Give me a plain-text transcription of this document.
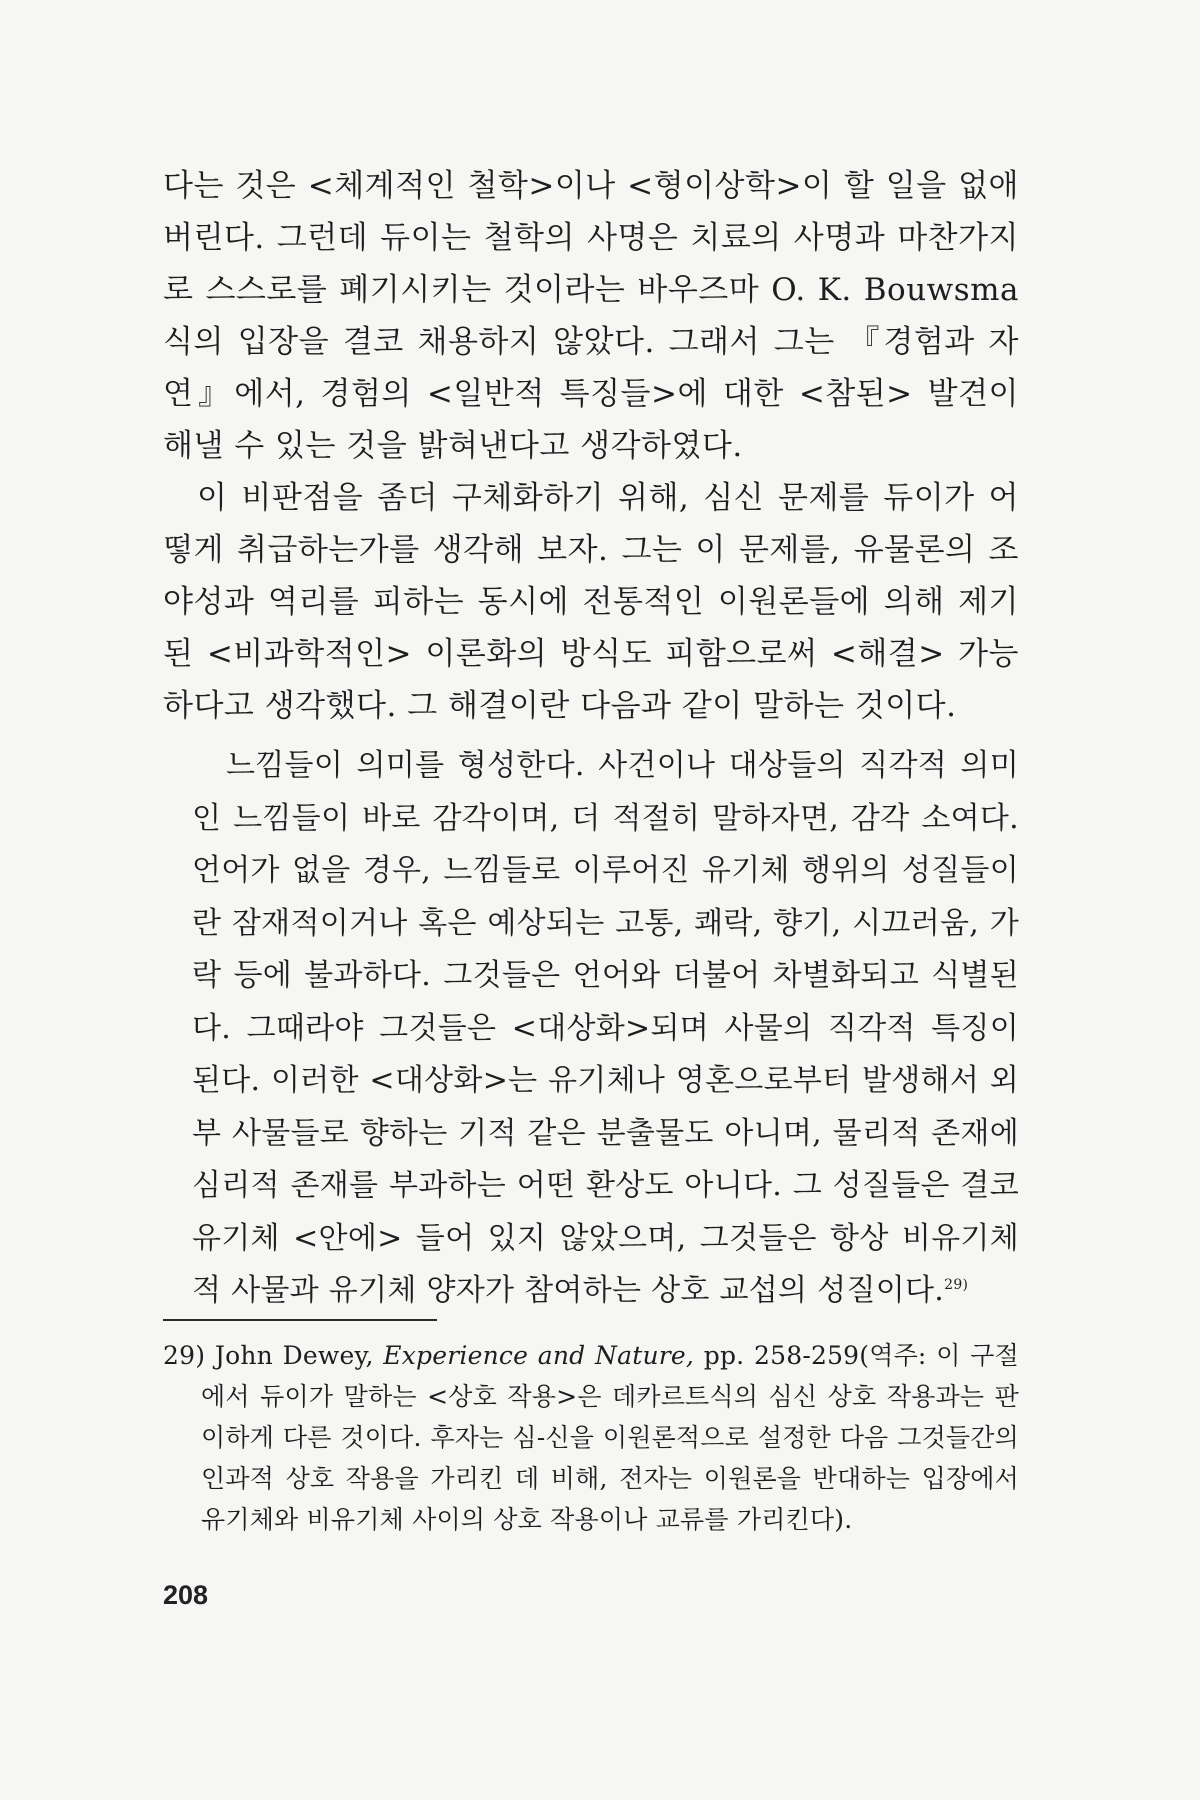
다는 것은 <체계적인 철학>이나 <형이상학>이 할 일을 없애버린다. 그런데 듀이는 철학의 사명은 치료의 사명과 마찬가지로 스스로를 폐기시키는 것이라는 바우즈마 O. K. Bouwsma식의 입장을 결코 채용하지 않았다. 그래서 그는 『경험과 자연』에서, 경험의 <일반적 특징들>에 대한 <참된> 발견이 해낼 수 있는 것을 밝혀낸다고 생각하였다.

이 비판점을 좀더 구체화하기 위해, 심신 문제를 듀이가 어떻게 취급하는가를 생각해 보자. 그는 이 문제를, 유물론의 조야성과 역리를 피하는 동시에 전통적인 이원론들에 의해 제기된 <비과학적인> 이론화의 방식도 피함으로써 <해결> 가능하다고 생각했다. 그 해결이란 다음과 같이 말하는 것이다.

느낌들이 의미를 형성한다. 사건이나 대상들의 직각적 의미인 느낌들이 바로 감각이며, 더 적절히 말하자면, 감각 소여다. 언어가 없을 경우, 느낌들로 이루어진 유기체 행위의 성질들이란 잠재적이거나 혹은 예상되는 고통, 쾌락, 향기, 시끄러움, 가락 등에 불과하다. 그것들은 언어와 더불어 차별화되고 식별된다. 그때라야 그것들은 <대상화>되며 사물의 직각적 특징이 된다. 이러한 <대상화>는 유기체나 영혼으로부터 발생해서 외부 사물들로 향하는 기적 같은 분출물도 아니며, 물리적 존재에 심리적 존재를 부과하는 어떤 환상도 아니다. 그 성질들은 결코 유기체 <안에> 들어 있지 않았으며, 그것들은 항상 비유기체적 사물과 유기체 양자가 참여하는 상호 교섭의 성질이다.$^{29)}$

29) John Dewey, Experience and Nature, pp. 258-259(역주: 이 구절에서 듀이가 말하는 <상호 작용>은 데카르트식의 심신 상호 작용과는 판이하게 다른 것이다. 후자는 심-신을 이원론적으로 설정한 다음 그것들간의 인과적 상호 작용을 가리킨 데 비해, 전자는 이원론을 반대하는 입장에서 유기체와 비유기체 사이의 상호 작용이나 교류를 가리킨다).

208
